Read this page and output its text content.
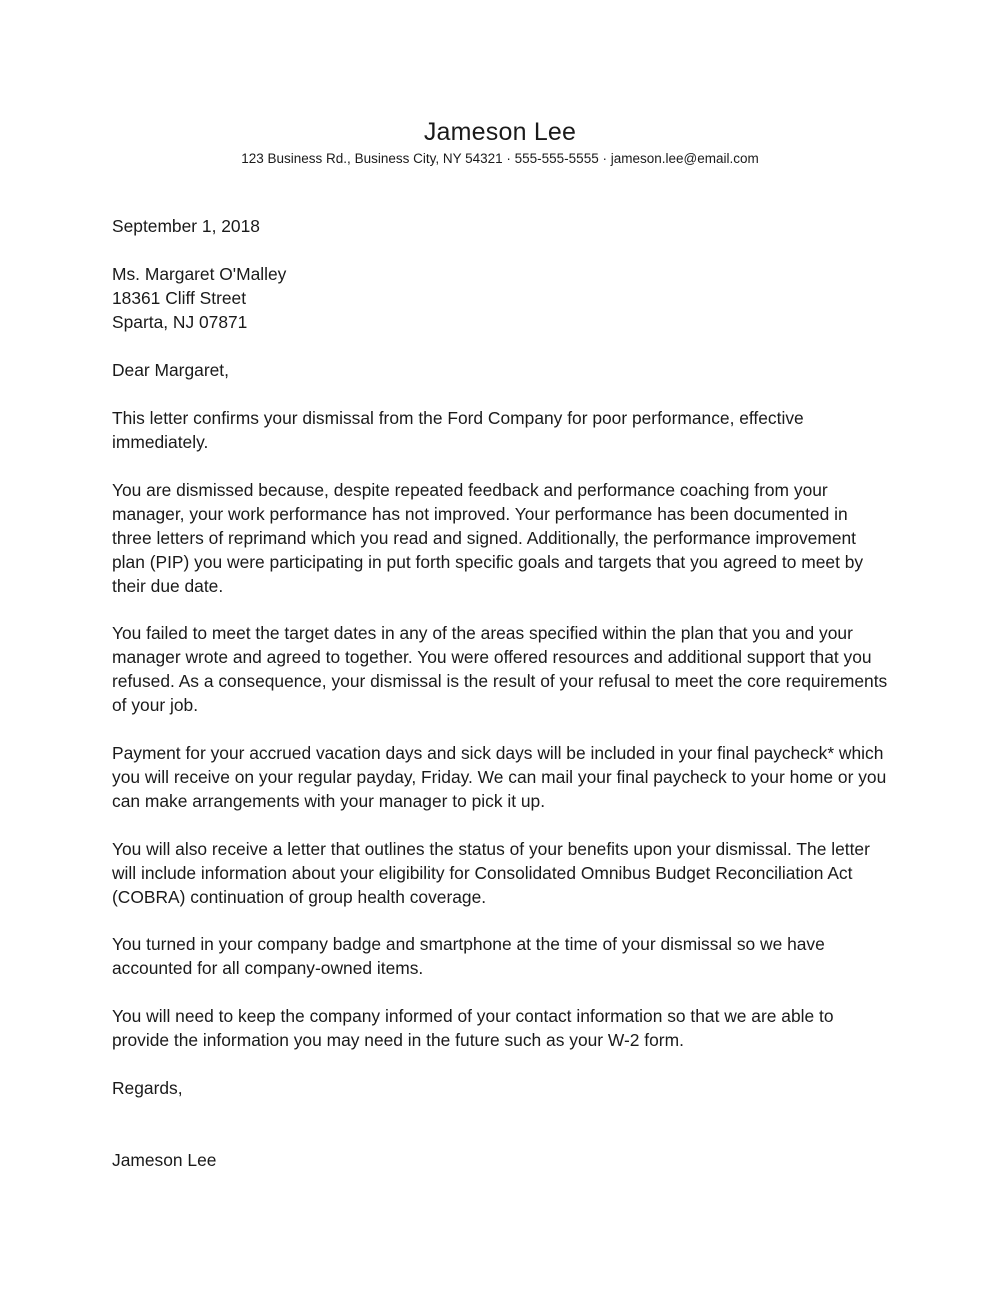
Jameson Lee
123 Business Rd., Business City, NY 54321 · 555-555-5555 · jameson.lee@email.com

September 1, 2018

Ms. Margaret O'Malley
18361 Cliff Street
Sparta, NJ 07871

Dear Margaret,

This letter confirms your dismissal from the Ford Company for poor performance, effective immediately.

You are dismissed because, despite repeated feedback and performance coaching from your manager, your work performance has not improved. Your performance has been documented in three letters of reprimand which you read and signed. Additionally, the performance improvement plan (PIP) you were participating in put forth specific goals and targets that you agreed to meet by their due date.

You failed to meet the target dates in any of the areas specified within the plan that you and your manager wrote and agreed to together. You were offered resources and additional support that you refused. As a consequence, your dismissal is the result of your refusal to meet the core requirements of your job.

Payment for your accrued vacation days and sick days will be included in your final paycheck* which you will receive on your regular payday, Friday. We can mail your final paycheck to your home or you can make arrangements with your manager to pick it up.

You will also receive a letter that outlines the status of your benefits upon your dismissal. The letter will include information about your eligibility for Consolidated Omnibus Budget Reconciliation Act (COBRA) continuation of group health coverage.

You turned in your company badge and smartphone at the time of your dismissal so we have accounted for all company-owned items.

You will need to keep the company informed of your contact information so that we are able to provide the information you may need in the future such as your W-2 form.

Regards,

Jameson Lee
